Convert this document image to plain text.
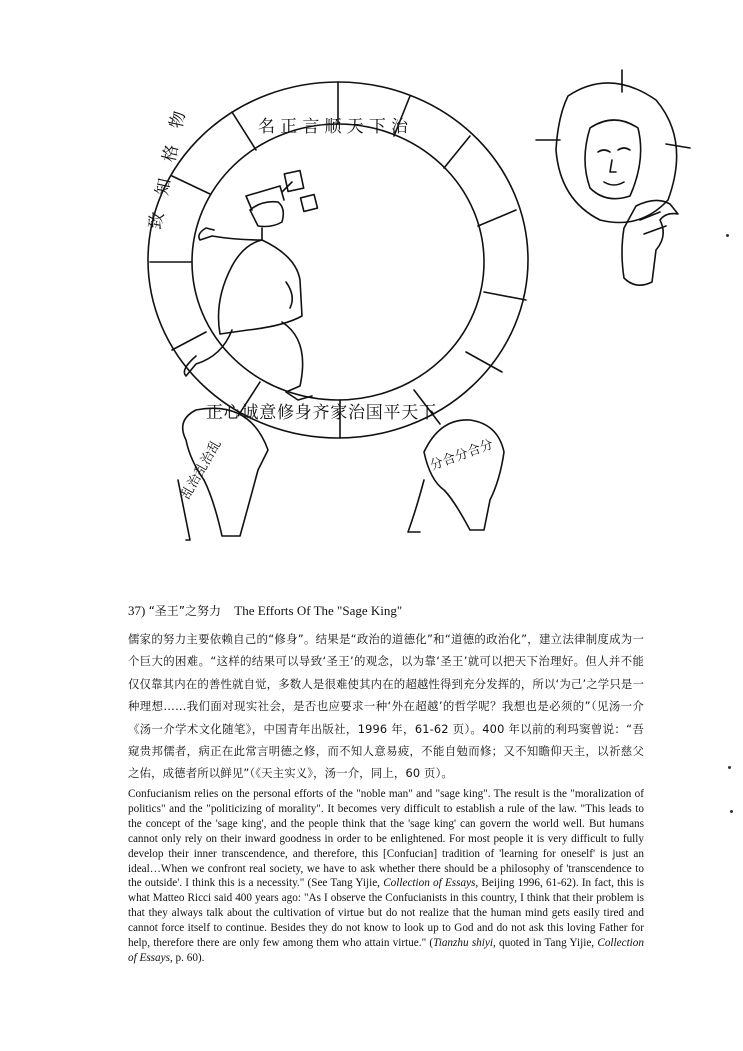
名正言顺天下治
致知格物
正心诚意修身齐家治国平天下
乱治乱治乱
分合分合分
37) “圣王”之努力 The Efforts Of The "Sage King"

儒家的努力主要依赖自己的“修身”。结果是“政治的道德化”和“道德的政治化”，建立法律制度成为一个巨大的困难。“这样的结果可以导致‘圣王’的观念，以为靠‘圣王’就可以把天下治理好。但人并不能仅仅靠其内在的善性就自觉，多数人是很难使其内在的超越性得到充分发挥的，所以‘为己’之学只是一种理想……我们面对现实社会，是否也应要求一种‘外在超越’的哲学呢？我想也是必须的”（见汤一介《汤一介学术文化随笔》，中国青年出版社，1996 年，61-62 页）。400 年以前的利玛窦曾说：“吾窥贵邦儒者，病正在此常言明德之修，而不知人意易疲，不能自勉而修；又不知瞻仰天主，以祈慈父之佑，成德者所以鲜见”（《天主实义》，汤一介，同上，60 页）。

Confucianism relies on the personal efforts of the "noble man" and "sage king". The result is the "moralization of politics" and the "politicizing of morality". It becomes very difficult to establish a rule of the law. "This leads to the concept of the 'sage king', and the people think that the 'sage king' can govern the world well. But humans cannot only rely on their inward goodness in order to be enlightened. For most people it is very difficult to fully develop their inner transcendence, and therefore, this [Confucian] tradition of 'learning for oneself' is just an ideal…When we confront real society, we have to ask whether there should be a philosophy of 'transcendence to the outside'. I think this is a necessity." (See Tang Yijie, Collection of Essays, Beijing 1996, 61-62). In fact, this is what Matteo Ricci said 400 years ago: "As I observe the Confucianists in this country, I think that their problem is that they always talk about the cultivation of virtue but do not realize that the human mind gets easily tired and cannot force itself to continue. Besides they do not know to look up to God and do not ask this loving Father for help, therefore there are only few among them who attain virtue." (Tianzhu shiyi, quoted in Tang Yijie, Collection of Essays, p. 60).
